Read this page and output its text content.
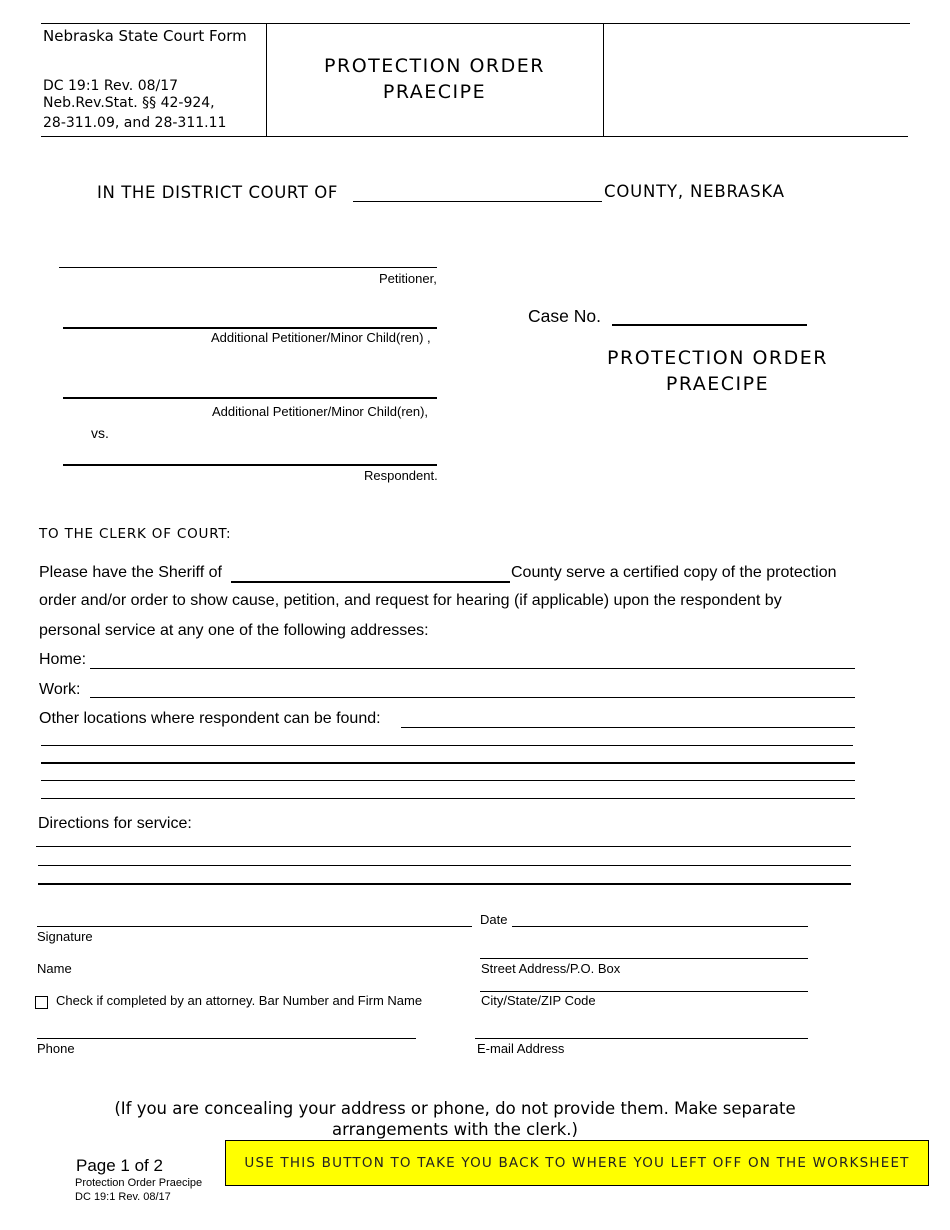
Nebraska State Court Form
DC 19:1 Rev. 08/17
Neb.Rev.Stat. §§ 42-924,
28-311.09, and 28-311.11
PROTECTION ORDER
PRAECIPE
IN THE DISTRICT COURT OF	COUNTY, NEBRASKA
Petitioner,
Additional Petitioner/Minor Child(ren) ,
Additional Petitioner/Minor Child(ren),
vs.
Respondent.
Case No.
PROTECTION ORDER
PRAECIPE
TO THE CLERK OF COURT:
Please have the Sheriff of	County serve a certified copy of the protection
order and/or order to show cause, petition, and request for hearing (if applicable) upon the respondent by
personal service at any one of the following addresses:
Home:
Work:
Other locations where respondent can be found:
Directions for service:
Date
Signature
Name	Street Address/P.O. Box
Check if completed by an attorney. Bar Number and Firm Name	City/State/ZIP Code
Phone	E-mail Address
(If you are concealing your address or phone, do not provide them. Make separate
arrangements with the clerk.)
Page 1 of 2
Protection Order Praecipe
DC 19:1 Rev. 08/17
USE THIS BUTTON TO TAKE YOU BACK TO WHERE YOU LEFT OFF ON THE WORKSHEET
